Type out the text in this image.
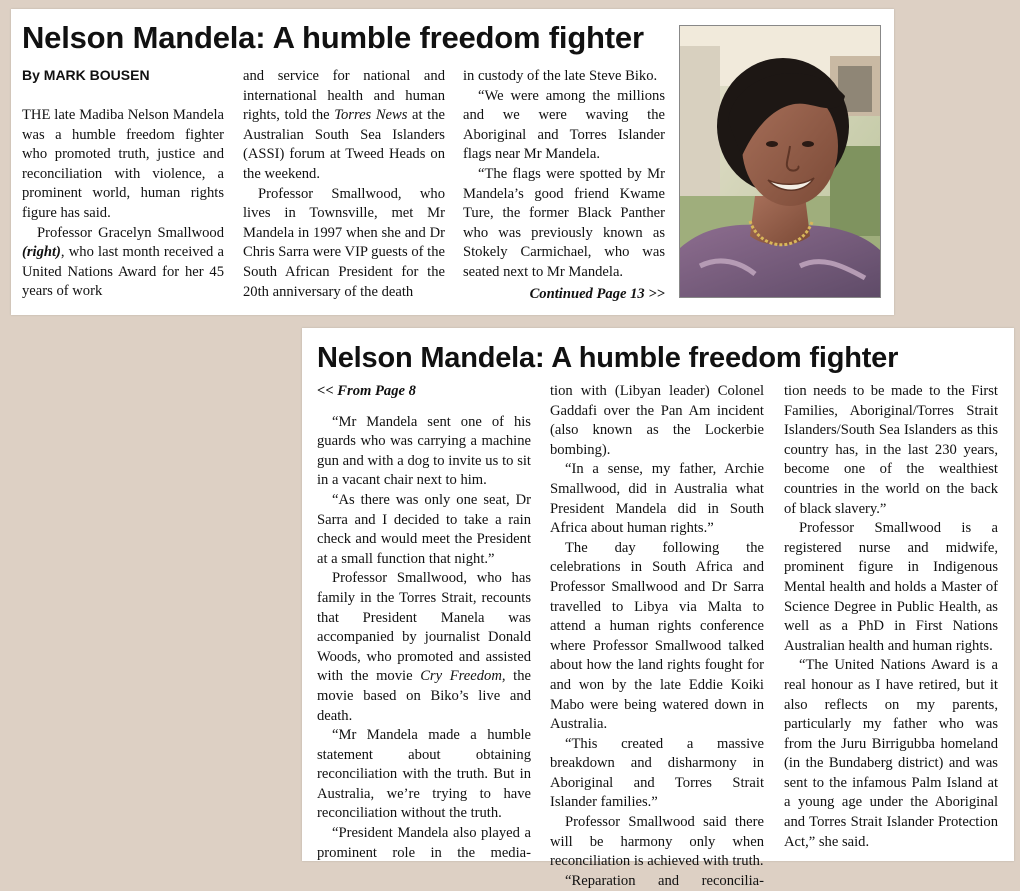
Nelson Mandela: A humble freedom fighter
By MARK BOUSEN

THE late Madiba Nelson Mandela was a humble freedom fighter who promoted truth, justice and reconciliation with violence, a prominent world, human rights figure has said.

Professor Gracelyn Smallwood (right), who last month received a United Nations Award for her 45 years of work

and service for national and international health and human rights, told the Torres News at the Australian South Sea Islanders (ASSI) forum at Tweed Heads on the weekend.

Professor Smallwood, who lives in Townsville, met Mr Mandela in 1997 when she and Dr Chris Sarra were VIP guests of the South African President for the 20th anniversary of the death

in custody of the late Steve Biko.

“We were among the millions and we were waving the Aboriginal and Torres Islander flags near Mr Mandela.

“The flags were spotted by Mr Mandela’s good friend Kwame Ture, the former Black Panther who was previously known as Stokely Carmichael, who was seated next to Mr Mandela.

Continued Page 13 >>

Nelson Mandela: A humble freedom fighter

<< From Page 8

“Mr Mandela sent one of his guards who was carrying a machine gun and with a dog to invite us to sit in a vacant chair next to him.

“As there was only one seat, Dr Sarra and I decided to take a rain check and would meet the President at a small function that night.”

Professor Smallwood, who has family in the Torres Strait, recounts that President Manela was accompanied by journalist Donald Woods, who promoted and assisted with the movie Cry Freedom, the movie based on Biko’s live and death.

“Mr Mandela made a humble statement about obtaining reconciliation with the truth. But in Australia, we’re trying to have reconciliation without the truth.

“President Mandela also played a prominent role in the media-

tion with (Libyan leader) Colonel Gaddafi over the Pan Am incident (also known as the Lockerbie bombing).

“In a sense, my father, Archie Smallwood, did in Australia what President Mandela did in South Africa about human rights.”

The day following the celebrations in South Africa and Professor Smallwood and Dr Sarra travelled to Libya via Malta to attend a human rights conference where Professor Smallwood talked about how the land rights fought for and won by the late Eddie Koiki Mabo were being watered down in Australia.

“This created a massive breakdown and disharmony in Aboriginal and Torres Strait Islander families.”

Professor Smallwood said there will be harmony only when reconciliation is achieved with truth.

“Reparation and reconcilia-

tion needs to be made to the First Families, Aboriginal/Torres Strait Islanders/South Sea Islanders as this country has, in the last 230 years, become one of the wealthiest countries in the world on the back of black slavery.”

Professor Smallwood is a registered nurse and midwife, prominent figure in Indigenous Mental health and holds a Master of Science Degree in Public Health, as well as a PhD in First Nations Australian health and human rights.

“The United Nations Award is a real honour as I have retired, but it also reflects on my parents, particularly my father who was from the Juru Birrigubba homeland (in the Bundaberg district) and was sent to the infamous Palm Island at a young age under the Aboriginal and Torres Strait Islander Protection Act,” she said.
